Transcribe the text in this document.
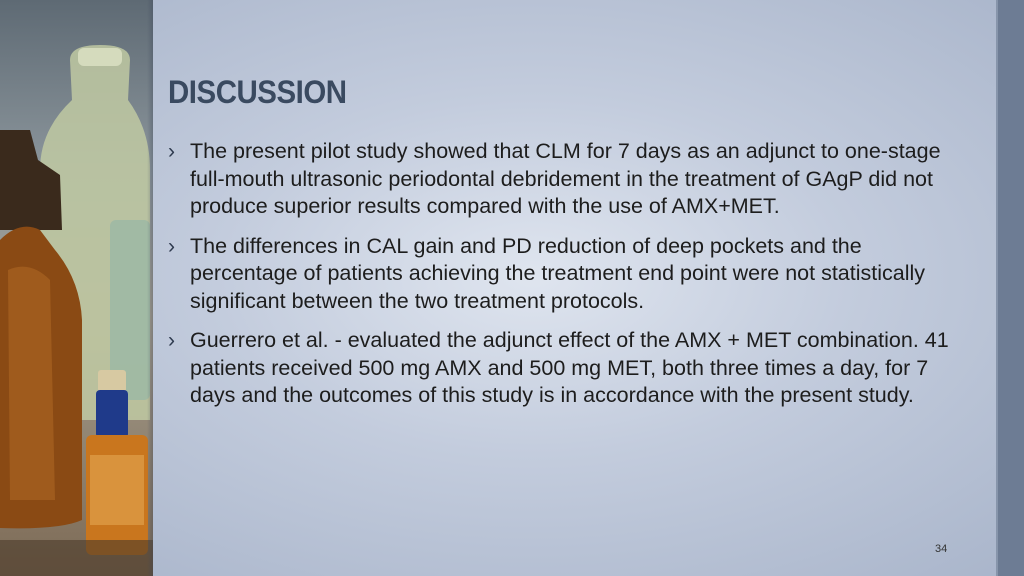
DISCUSSION
› The present pilot study showed that CLM for 7 days as an adjunct to one-stage full-mouth ultrasonic periodontal debridement in the treatment of GAgP did not produce superior results compared with the use of AMX+MET.
› The differences in CAL gain and PD reduction of deep pockets and the percentage of patients achieving the treatment end point were not statistically significant between the two treatment protocols.
› Guerrero et al. - evaluated the adjunct effect of the AMX + MET combination. 41 patients received 500 mg AMX and 500 mg MET, both three times a day, for 7 days and the outcomes of this study is in accordance with the present study.
34
